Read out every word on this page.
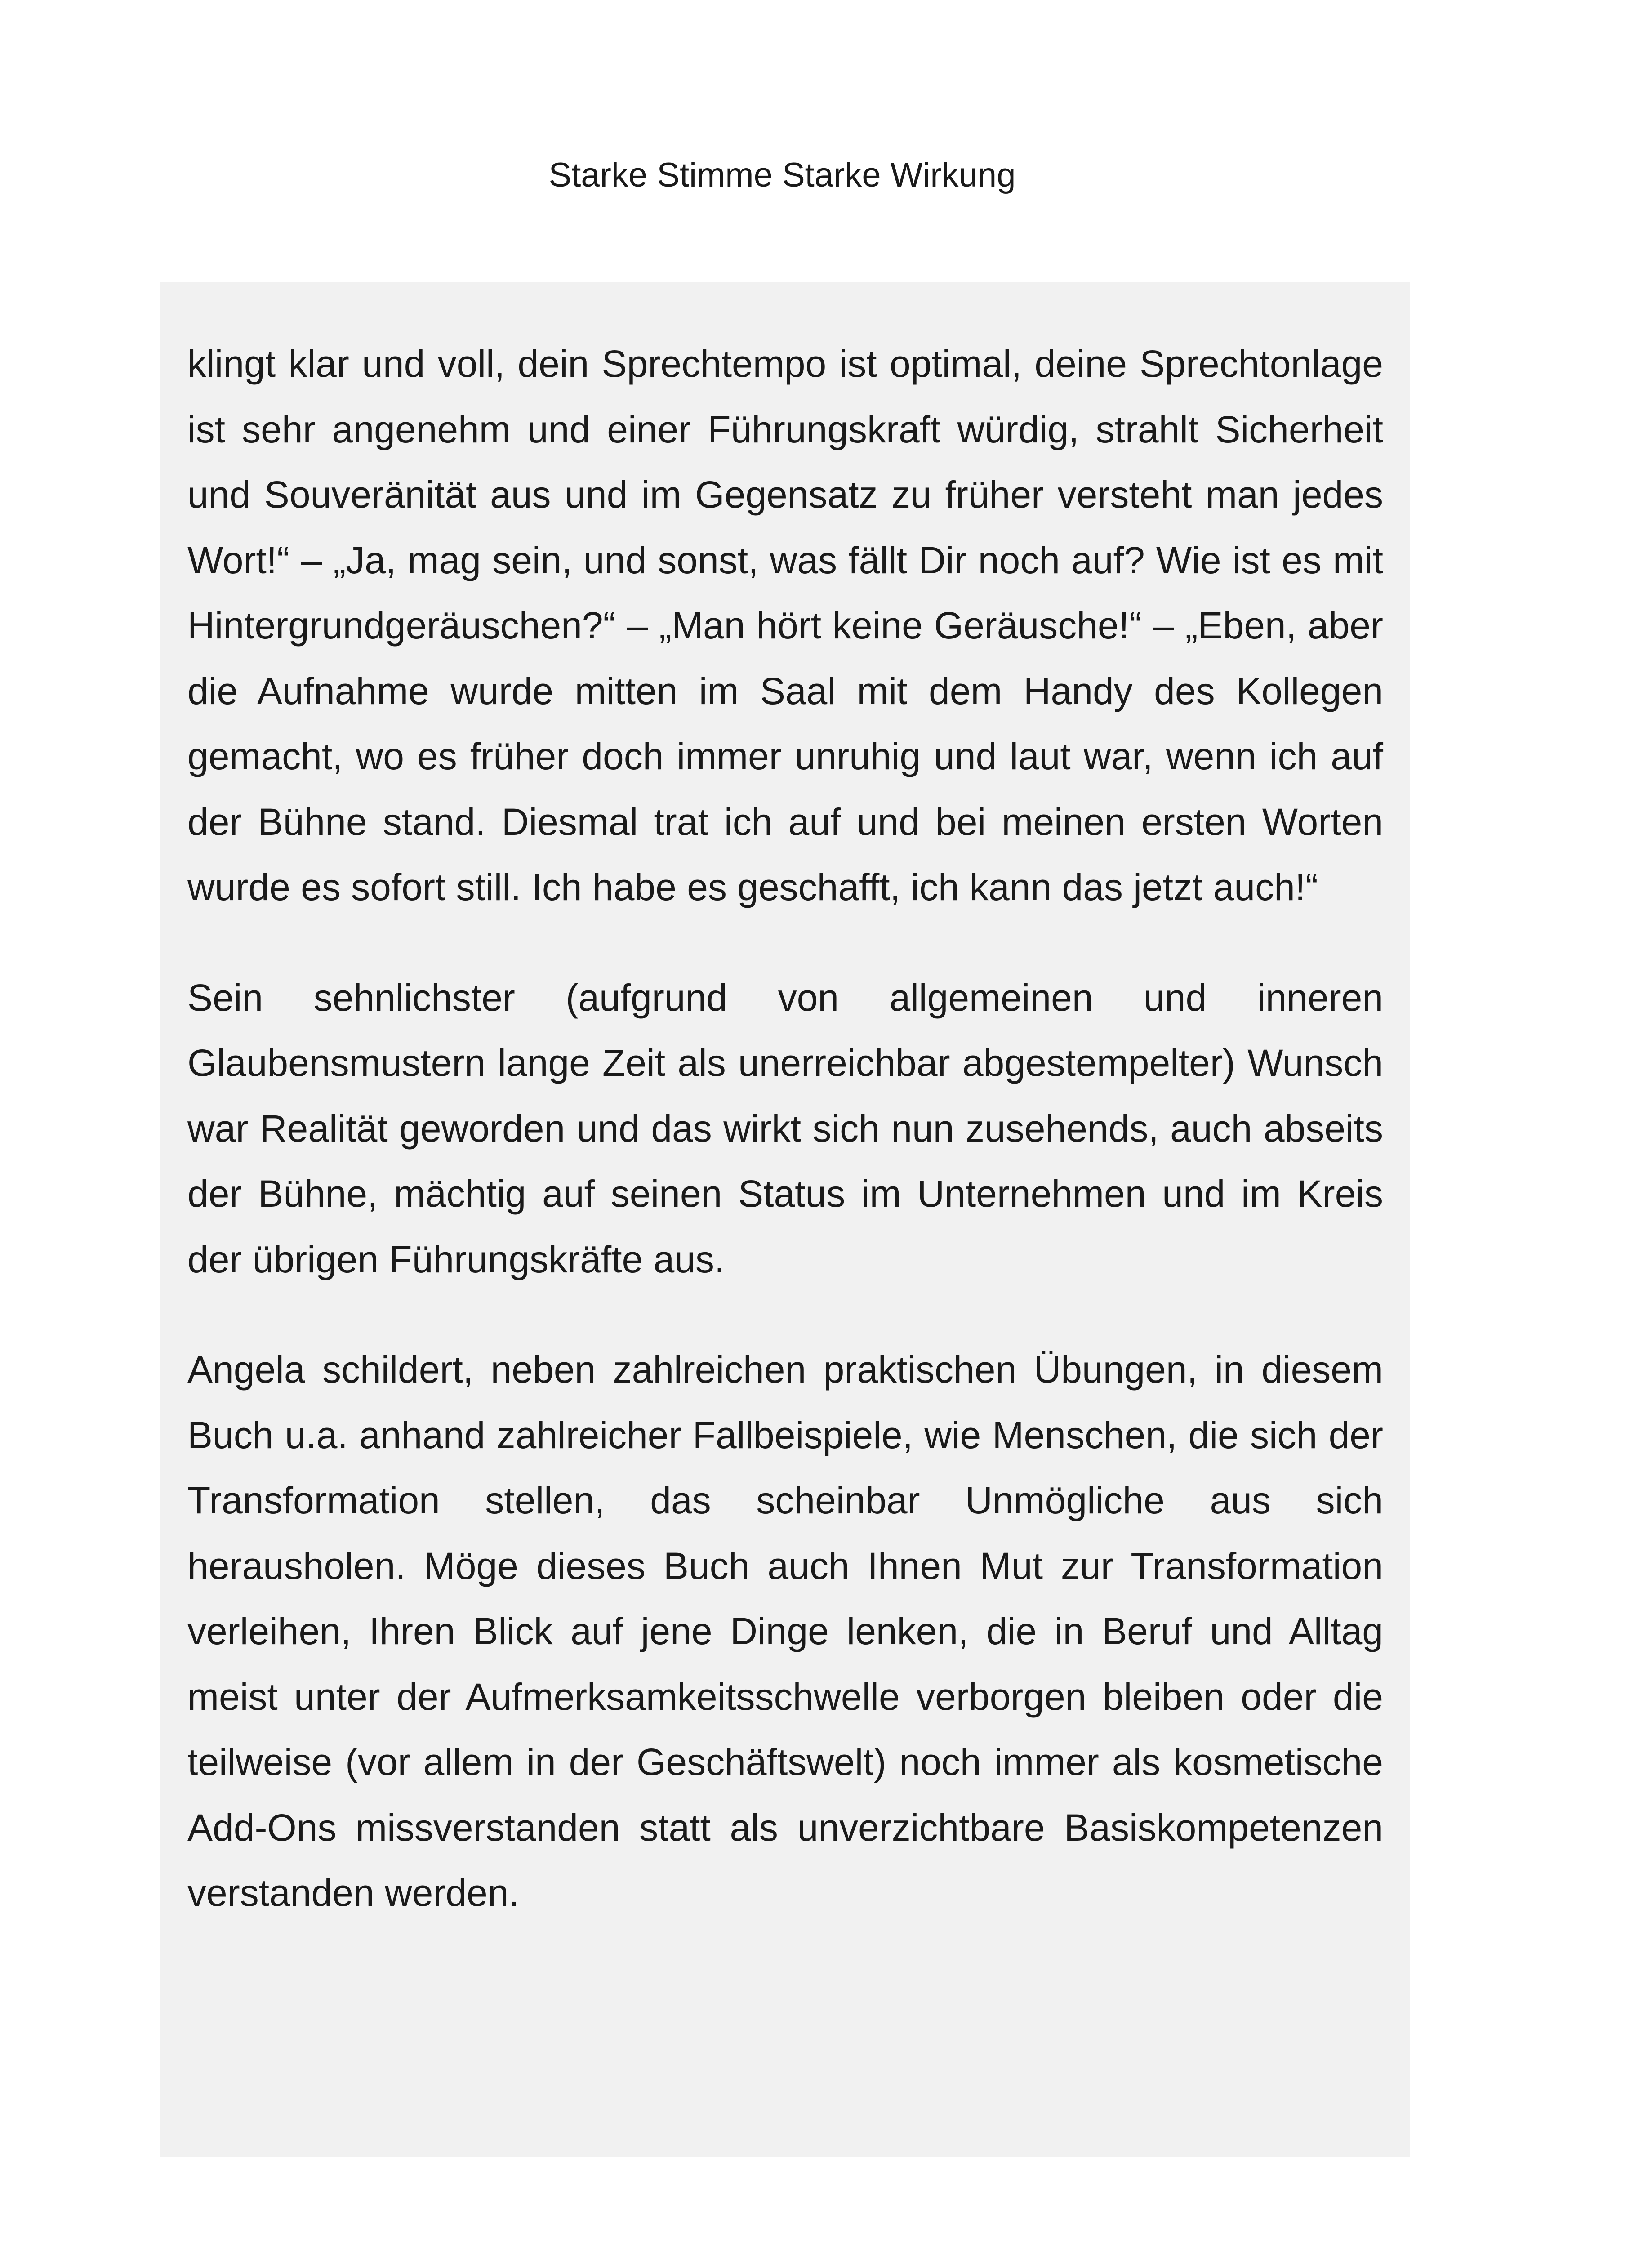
Starke Stimme Starke Wirkung

klingt klar und voll, dein Sprechtempo ist optimal, deine Sprechtonlage ist sehr angenehm und einer Führungskraft würdig, strahlt Sicherheit und Souveränität aus und im Gegensatz zu früher versteht man jedes Wort!“ – „Ja, mag sein, und sonst, was fällt Dir noch auf? Wie ist es mit Hintergrundgeräuschen?“ – „Man hört keine Geräusche!“ – „Eben, aber die Aufnahme wurde mitten im Saal mit dem Handy des Kollegen gemacht, wo es früher doch immer unruhig und laut war, wenn ich auf der Bühne stand. Diesmal trat ich auf und bei meinen ersten Worten wurde es sofort still. Ich habe es geschafft, ich kann das jetzt auch!“

Sein sehnlichster (aufgrund von allgemeinen und inneren Glaubensmustern lange Zeit als unerreichbar abgestempelter) Wunsch war Realität geworden und das wirkt sich nun zusehends, auch abseits der Bühne, mächtig auf seinen Status im Unternehmen und im Kreis der übrigen Führungskräfte aus.

Angela schildert, neben zahlreichen praktischen Übungen, in diesem Buch u.a. anhand zahlreicher Fallbeispiele, wie Menschen, die sich der Transformation stellen, das scheinbar Unmögliche aus sich herausholen. Möge dieses Buch auch Ihnen Mut zur Transformation verleihen, Ihren Blick auf jene Dinge lenken, die in Beruf und Alltag meist unter der Aufmerksamkeitsschwelle verborgen bleiben oder die teilweise (vor allem in der Geschäftswelt) noch immer als kosmetische Add-Ons missverstanden statt als unverzichtbare Basiskompetenzen verstanden werden.
